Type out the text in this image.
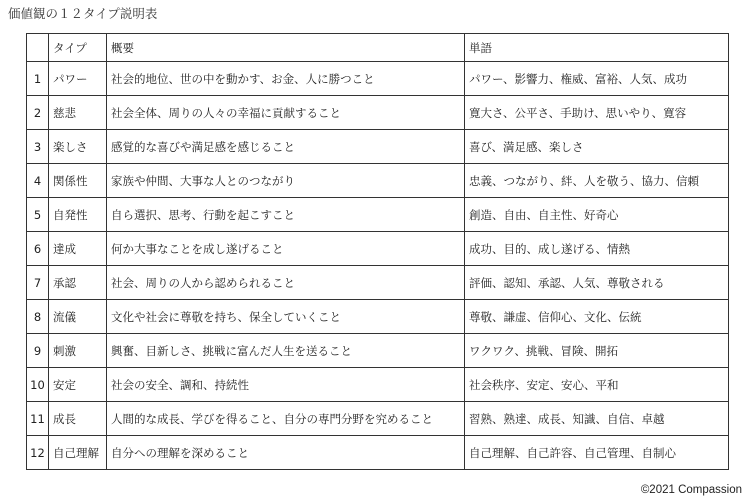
価値観の１２タイプ説明表
	タイプ	概要	単語
1	パワー	社会的地位、世の中を動かす、お金、人に勝つこと	パワー、影響力、権威、富裕、人気、成功
2	慈悲	社会全体、周りの人々の幸福に貢献すること	寛大さ、公平さ、手助け、思いやり、寛容
3	楽しさ	感覚的な喜びや満足感を感じること	喜び、満足感、楽しさ
4	関係性	家族や仲間、大事な人とのつながり	忠義、つながり、絆、人を敬う、協力、信頼
5	自発性	自ら選択、思考、行動を起こすこと	創造、自由、自主性、好奇心
6	達成	何か大事なことを成し遂げること	成功、目的、成し遂げる、情熱
7	承認	社会、周りの人から認められること	評価、認知、承認、人気、尊敬される
8	流儀	文化や社会に尊敬を持ち、保全していくこと	尊敬、謙虚、信仰心、文化、伝統
9	刺激	興奮、目新しさ、挑戦に富んだ人生を送ること	ワクワク、挑戦、冒険、開拓
10	安定	社会の安全、調和、持続性	社会秩序、安定、安心、平和
11	成長	人間的な成長、学びを得ること、自分の専門分野を究めること	習熟、熟達、成長、知識、自信、卓越
12	自己理解	自分への理解を深めること	自己理解、自己許容、自己管理、自制心
©2021 Compassion
